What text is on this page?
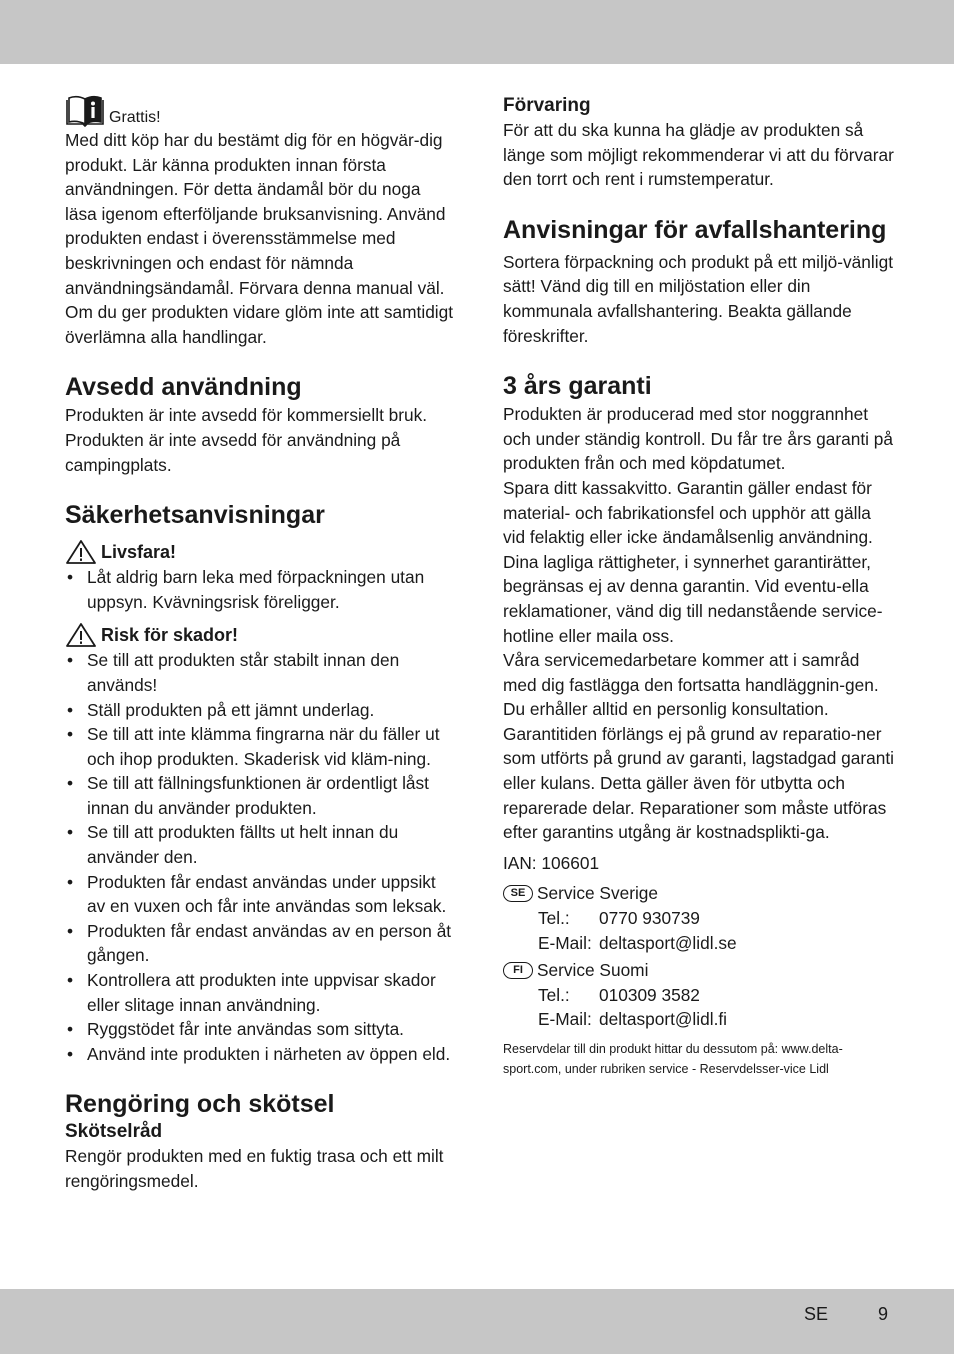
Grattis!

Med ditt köp har du bestämt dig för en högvär-dig produkt. Lär känna produkten innan första användningen. För detta ändamål bör du noga läsa igenom efterföljande bruksanvisning. Använd produkten endast i överensstämmelse med beskrivningen och endast för nämnda användningsändamål. Förvara denna manual väl. Om du ger produkten vidare glöm inte att samtidigt överlämna alla handlingar.

Avsedd användning

Produkten är inte avsedd för kommersiellt bruk. Produkten är inte avsedd för användning på campingplats.

Säkerhetsanvisningar
Livsfara!
• Låt aldrig barn leka med förpackningen utan uppsyn. Kvävningsrisk föreligger.
Risk för skador!
• Se till att produkten står stabilt innan den används!
• Ställ produkten på ett jämnt underlag.
• Se till att inte klämma fingrarna när du fäller ut och ihop produkten. Skaderisk vid kläm-ning.
• Se till att fällningsfunktionen är ordentligt låst innan du använder produkten.
• Se till att produkten fällts ut helt innan du använder den.
• Produkten får endast användas under uppsikt av en vuxen och får inte användas som leksak.
• Produkten får endast användas av en person åt gången.
• Kontrollera att produkten inte uppvisar skador eller slitage innan användning.
• Ryggstödet får inte användas som sittyta.
• Använd inte produkten i närheten av öppen eld.
Rengöring och skötsel
Skötselråd

Rengör produkten med en fuktig trasa och ett milt rengöringsmedel.

Förvaring

För att du ska kunna ha glädje av produkten så länge som möjligt rekommenderar vi att du förvarar den torrt och rent i rumstemperatur.

Anvisningar för avfallshantering

Sortera förpackning och produkt på ett miljö-vänligt sätt! Vänd dig till en miljöstation eller din kommunala avfallshantering. Beakta gällande föreskrifter.

3 års garanti

Produkten är producerad med stor noggrannhet och under ständig kontroll. Du får tre års garanti på produkten från och med köpdatumet.

Spara ditt kassakvitto. Garantin gäller endast för material- och fabrikationsfel och upphör att gälla vid felaktig eller icke ändamålsenlig användning. Dina lagliga rättigheter, i synnerhet garantirätter, begränsas ej av denna garantin. Vid eventu-ella reklamationer, vänd dig till nedanstående service-hotline eller maila oss.

Våra servicemedarbetare kommer att i samråd med dig fastlägga den fortsatta handläggnin-gen.

Du erhåller alltid en personlig konsultation. Garantitiden förlängs ej på grund av reparatio-ner som utförts på grund av garanti, lagstadgad garanti eller kulans. Detta gäller även för utbytta och reparerade delar. Reparationer som måste utföras efter garantins utgång är kostnadsplikti-ga.

IAN: 106601

SE Service Sverige
Tel.:	0770 930739
E-Mail: deltasport@lidl.se
FI Service Suomi
Tel.:	010309 3582
E-Mail: deltasport@lidl.fi

Reservdelar till din produkt hittar du dessutom på: www.delta-sport.com, under rubriken service - Reservdelsser-vice Lidl

SE	9
